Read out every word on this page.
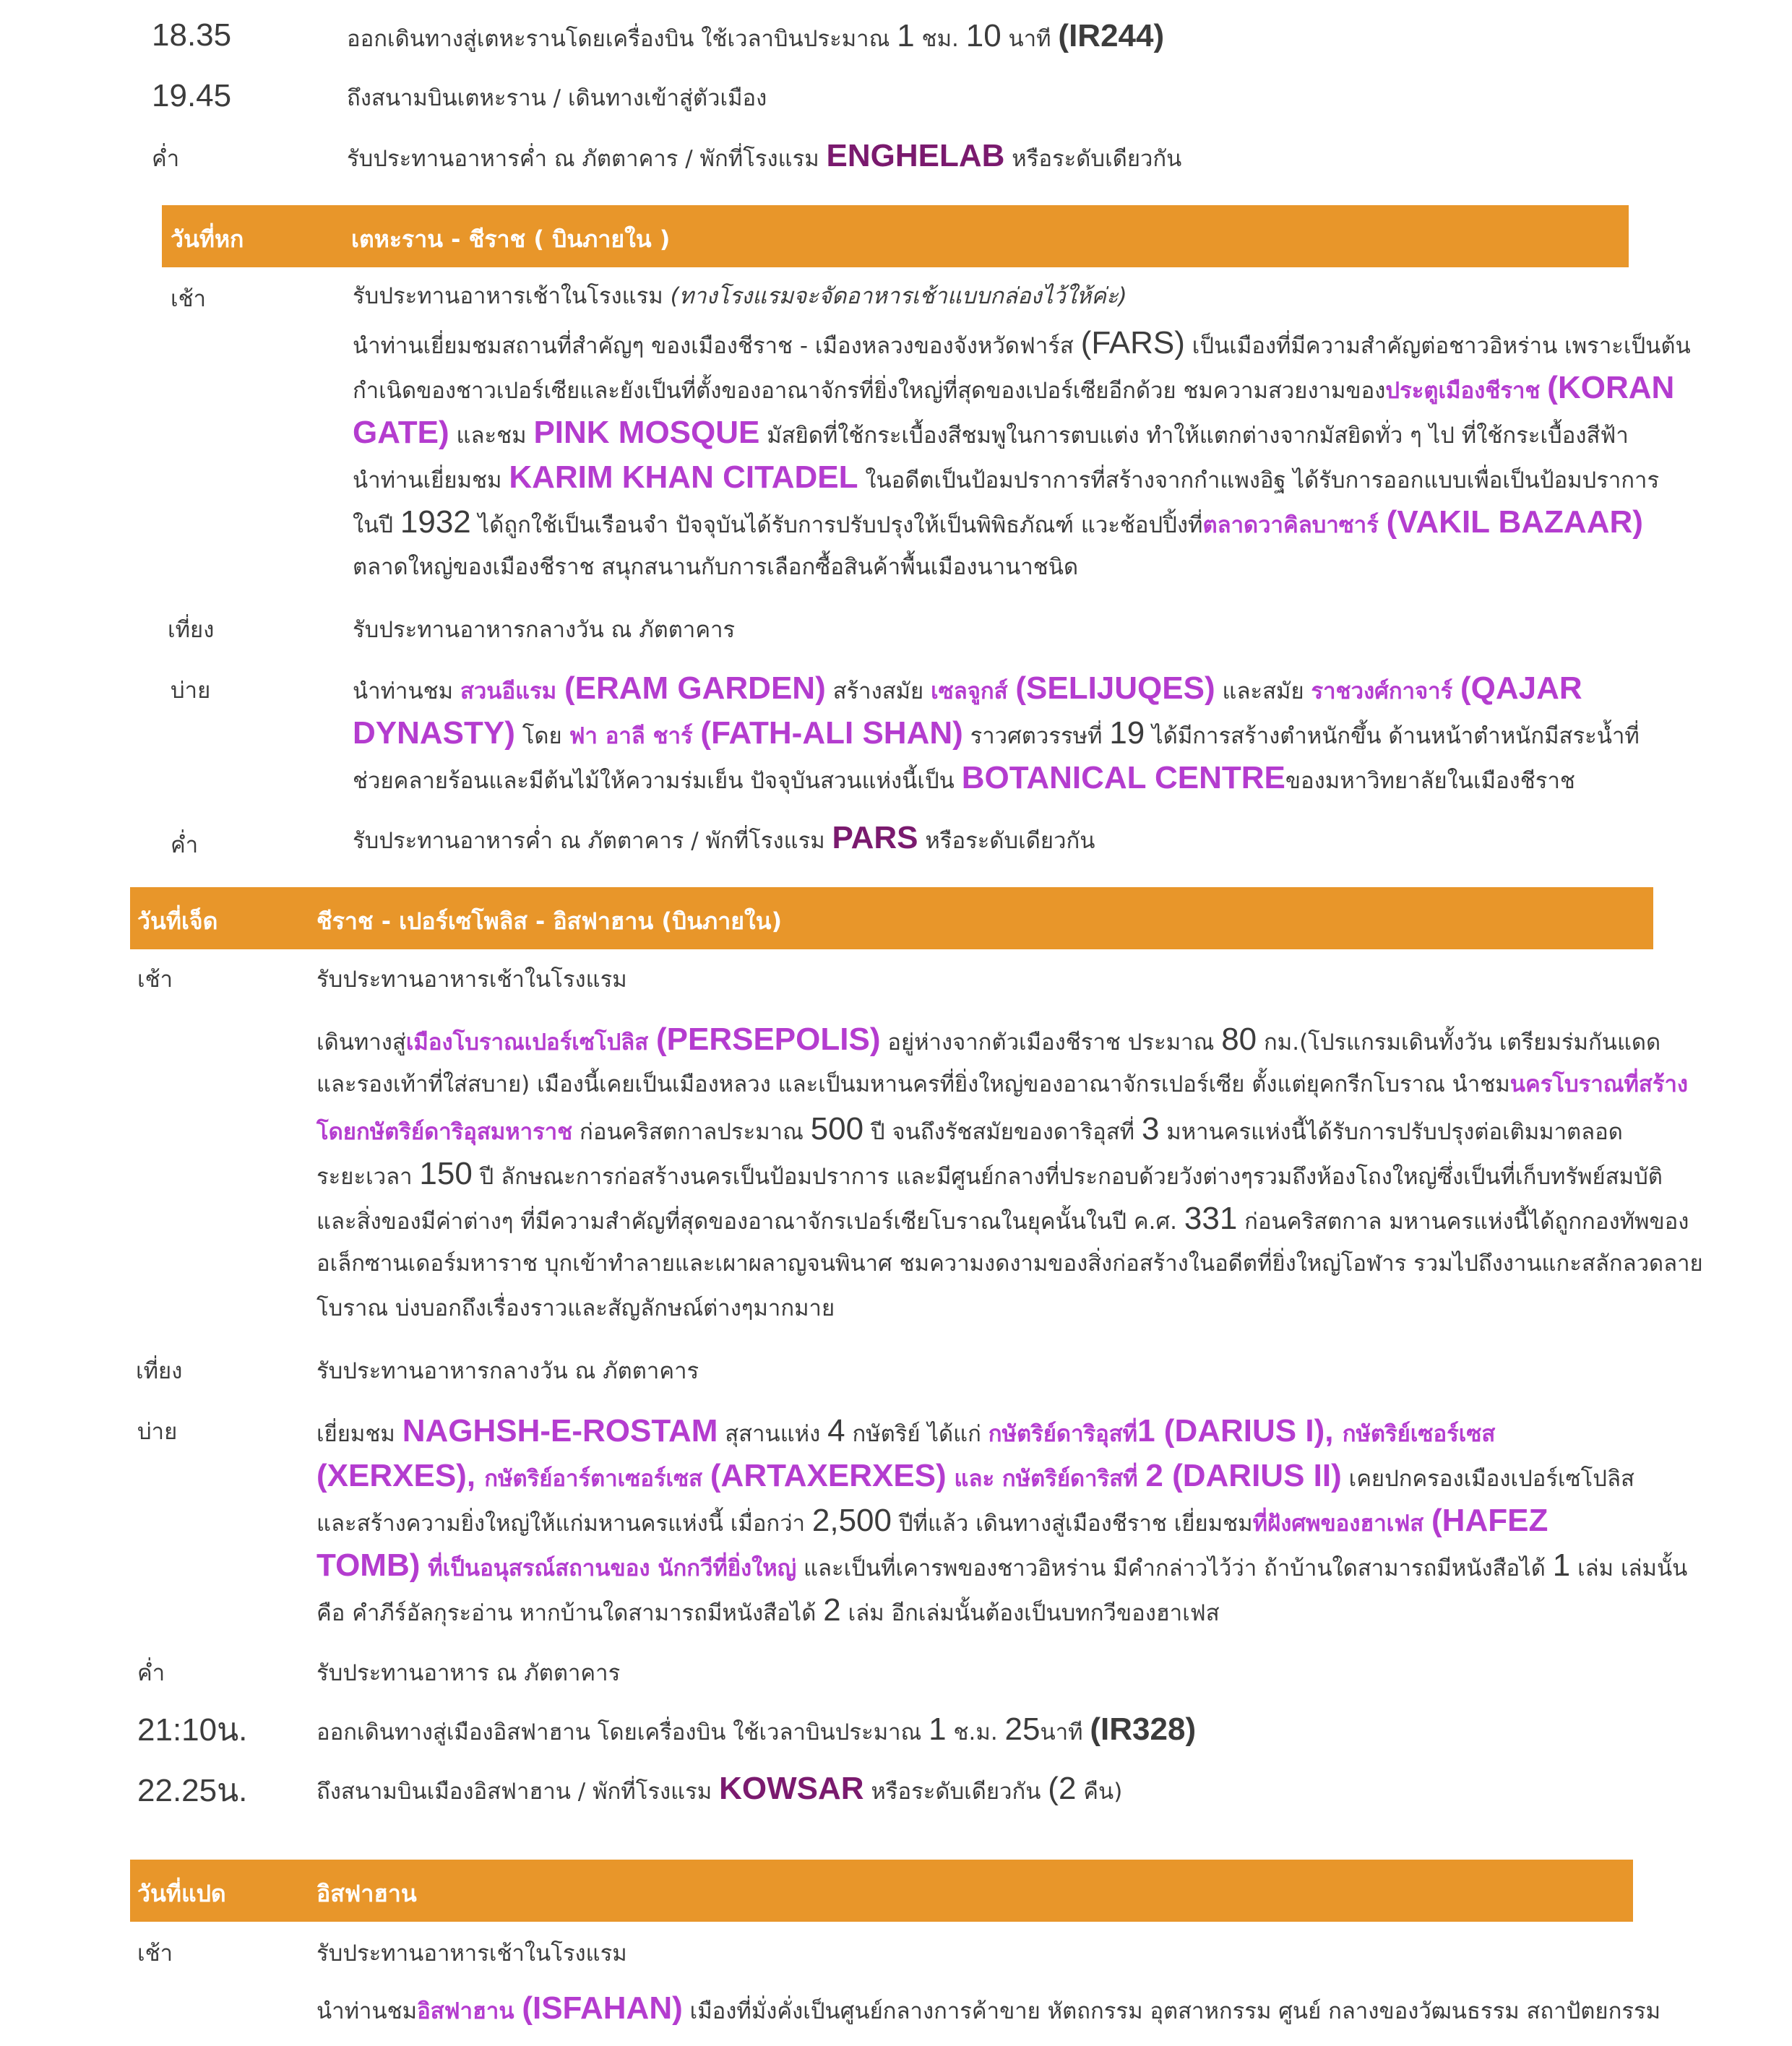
18.35	ออกเดินทางสู่เตหะรานโดยเครื่องบิน ใช้เวลาบินประมาณ 1 ชม. 10 นาที (IR244)
19.45	ถึงสนามบินเตหะราน / เดินทางเข้าสู่ตัวเมือง
ค่ำ	รับประทานอาหารค่ำ ณ ภัตตาคาร / พักที่โรงแรม ENGHELAB หรือระดับเดียวกัน
วันที่หก	เตหะราน - ชีราช ( บินภายใน )
เช้า	รับประทานอาหารเช้าในโรงแรม (ทางโรงแรมจะจัดอาหารเช้าแบบกล่องไว้ให้ค่ะ)
นำท่านเยี่ยมชมสถานที่สำคัญๆ ของเมืองชีราช - เมืองหลวงของจังหวัดฟาร์ส (FARS) เป็นเมืองที่มีความสำคัญต่อชาวอิหร่าน เพราะเป็นต้น
กำเนิดของชาวเปอร์เซียและยังเป็นที่ตั้งของอาณาจักรที่ยิ่งใหญ่ที่สุดของเปอร์เซียอีกด้วย ชมความสวยงามของประตูเมืองชีราช (KORAN
GATE) และชม PINK MOSQUE มัสยิดที่ใช้กระเบื้องสีชมพูในการตบแต่ง ทำให้แตกต่างจากมัสยิดทั่ว ๆ ไป ที่ใช้กระเบื้องสีฟ้า
นำท่านเยี่ยมชม KARIM KHAN CITADEL ในอดีตเป็นป้อมปราการที่สร้างจากกำแพงอิฐ ได้รับการออกแบบเพื่อเป็นป้อมปราการ
ในปี 1932 ได้ถูกใช้เป็นเรือนจำ ปัจจุบันได้รับการปรับปรุงให้เป็นพิพิธภัณฑ์ แวะช้อปปิ้งที่ตลาดวาคิลบาซาร์ (VAKIL BAZAAR)
ตลาดใหญ่ของเมืองชีราช สนุกสนานกับการเลือกซื้อสินค้าพื้นเมืองนานาชนิด
เที่ยง	รับประทานอาหารกลางวัน ณ ภัตตาคาร
บ่าย	นำท่านชม สวนอีแรม (ERAM GARDEN) สร้างสมัย เซลจูกส์ (SELIJUQES) และสมัย ราชวงศ์กาจาร์ (QAJAR
DYNASTY) โดย ฟา อาลี ชาร์ (FATH-ALI SHAN) ราวศตวรรษที่ 19 ได้มีการสร้างตำหนักขึ้น ด้านหน้าตำหนักมีสระน้ำที่
ช่วยคลายร้อนและมีต้นไม้ให้ความร่มเย็น ปัจจุบันสวนแห่งนี้เป็น BOTANICAL CENTREของมหาวิทยาลัยในเมืองชีราช
ค่ำ	รับประทานอาหารค่ำ ณ ภัตตาคาร / พักที่โรงแรม PARS หรือระดับเดียวกัน
วันที่เจ็ด	ชีราช - เปอร์เซโพลิส - อิสฟาฮาน (บินภายใน)
เช้า	รับประทานอาหารเช้าในโรงแรม
เดินทางสู่เมืองโบราณเปอร์เซโปลิส (PERSEPOLIS) อยู่ห่างจากตัวเมืองชีราช ประมาณ 80 กม.(โปรแกรมเดินทั้งวัน เตรียมร่มกันแดด
และรองเท้าที่ใส่สบาย) เมืองนี้เคยเป็นเมืองหลวง และเป็นมหานครที่ยิ่งใหญ่ของอาณาจักรเปอร์เซีย ตั้งแต่ยุคกรีกโบราณ นำชมนครโบราณที่สร้าง
โดยกษัตริย์ดาริอุสมหาราช ก่อนคริสตกาลประมาณ 500 ปี จนถึงรัชสมัยของดาริอุสที่ 3 มหานครแห่งนี้ได้รับการปรับปรุงต่อเติมมาตลอด
ระยะเวลา 150 ปี ลักษณะการก่อสร้างนครเป็นป้อมปราการ และมีศูนย์กลางที่ประกอบด้วยวังต่างๆรวมถึงห้องโถงใหญ่ซึ่งเป็นที่เก็บทรัพย์สมบัติ
และสิ่งของมีค่าต่างๆ ที่มีความสำคัญที่สุดของอาณาจักรเปอร์เซียโบราณในยุคนั้นในปี ค.ศ. 331 ก่อนคริสตกาล มหานครแห่งนี้ได้ถูกกองทัพของ
อเล็กซานเดอร์มหาราช บุกเข้าทำลายและเผาผลาญจนพินาศ ชมความงดงามของสิ่งก่อสร้างในอดีตที่ยิ่งใหญ่โอฬาร รวมไปถึงงานแกะสลักลวดลาย
โบราณ บ่งบอกถึงเรื่องราวและสัญลักษณ์ต่างๆมากมาย
เที่ยง	รับประทานอาหารกลางวัน ณ ภัตตาคาร
บ่าย	เยี่ยมชม NAGHSH-E-ROSTAM สุสานแห่ง 4 กษัตริย์ ได้แก่ กษัตริย์ดาริอุสที่1 (DARIUS I), กษัตริย์เซอร์เซส
(XERXES), กษัตริย์อาร์ตาเซอร์เซส (ARTAXERXES) และ กษัตริย์ดาริสที่ 2 (DARIUS II) เคยปกครองเมืองเปอร์เซโปลิส
และสร้างความยิ่งใหญ่ให้แก่มหานครแห่งนี้ เมื่อกว่า 2,500 ปีที่แล้ว เดินทางสู่เมืองชีราช เยี่ยมชมที่ฝังศพของฮาเฟส (HAFEZ
TOMB) ที่เป็นอนุสรณ์สถานของ นักกวีที่ยิ่งใหญ่ และเป็นที่เคารพของชาวอิหร่าน มีคำกล่าวไว้ว่า ถ้าบ้านใดสามารถมีหนังสือได้ 1 เล่ม เล่มนั้น
คือ คำภีร์อัลกุระอ่าน หากบ้านใดสามารถมีหนังสือได้ 2 เล่ม อีกเล่มนั้นต้องเป็นบทกวีของฮาเฟส
ค่ำ	รับประทานอาหาร ณ ภัตตาคาร
21:10น.	ออกเดินทางสู่เมืองอิสฟาฮาน โดยเครื่องบิน ใช้เวลาบินประมาณ 1 ช.ม. 25นาที (IR328)
22.25น.	ถึงสนามบินเมืองอิสฟาฮาน / พักที่โรงแรม KOWSAR หรือระดับเดียวกัน (2 คืน)
วันที่แปด	อิสฟาฮาน
เช้า	รับประทานอาหารเช้าในโรงแรม
นำท่านชมอิสฟาฮาน (ISFAHAN) เมืองที่มั่งคั่งเป็นศูนย์กลางการค้าขาย หัตถกรรม อุตสาหกรรม ศูนย์ กลางของวัฒนธรรม สถาปัตยกรรม
